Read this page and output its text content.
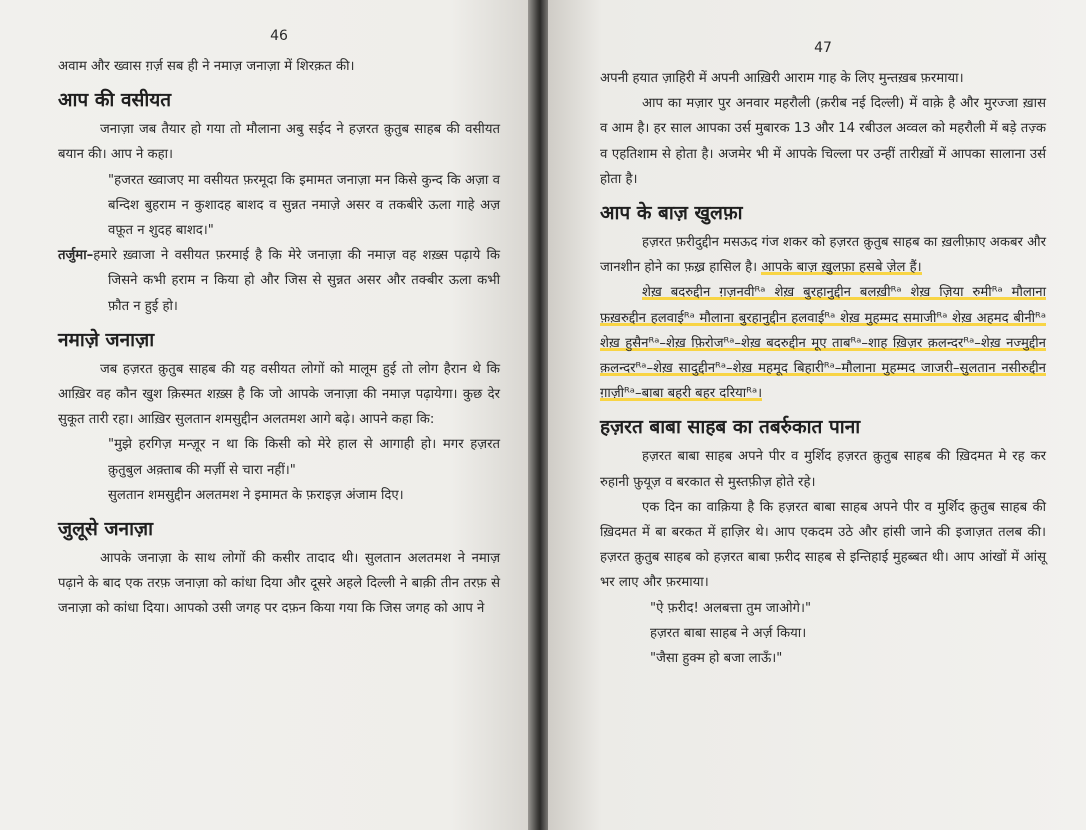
46

अवाम और ख्वास ग़र्ज़ सब ही ने नमाज़ जनाज़ा में शिरक़त की।

आप की वसीयत

जनाज़ा जब तैयार हो गया तो मौलाना अबु सईद ने हज़रत क़ुतुब साहब की वसीयत बयान की। आप ने कहा।

"हजरत ख्वाजए मा वसीयत फ़रमूदा कि इमामत जनाज़ा मन किसे कुन्द कि अज़ा व बन्दिश बुहराम न कुशादह बाशद व सुन्नत नमाज़े असर व तकबीरे ऊला गाहे अज़ वफ़ूत न शुदह बाशद।"

तर्जुमा–हमारे ख़्वाजा ने वसीयत फ़रमाई है कि मेरे जनाज़ा की नमाज़ वह शख़्स पढ़ाये कि जिसने कभी हराम न किया हो और जिस से सुन्नत असर और तक्बीर ऊला कभी फ़ौत न हुई हो।

नमाज़े जनाज़ा

जब हज़रत क़ुतुब साहब की यह वसीयत लोगों को मालूम हुई तो लोग हैरान थे कि आख़िर वह कौन खुश क़िस्मत शख़्स है कि जो आपके जनाज़ा की नमाज़ पढ़ायेगा। कुछ देर सुकूत तारी रहा। आख़िर सुलतान शमसुद्दीन अलतमश आगे बढ़े। आपने कहा कि:

"मुझे हरगिज़ मन्ज़ूर न था कि किसी को मेरे हाल से आगाही हो। मगर हज़रत क़ुतुबुल अक़्ताब की मर्ज़ी से चारा नहीं।"

सुलतान शमसुद्दीन अलतमश ने इमामत के फ़राइज़ अंजाम दिए।

जुलूसे जनाज़ा

आपके जनाज़ा के साथ लोगों की कसीर तादाद थी। सुलतान अलतमश ने नमाज़ पढ़ाने के बाद एक तरफ़ जनाज़ा को कांधा दिया और दूसरे अहले दिल्ली ने बाक़ी तीन तरफ़ से जनाज़ा को कांधा दिया। आपको उसी जगह पर दफ़न किया गया कि जिस जगह को आप ने

47

अपनी हयात ज़ाहिरी में अपनी आख़िरी आराम गाह के लिए मुन्तख़ब फ़रमाया।

आप का मज़ार पुर अनवार महरौली (क़रीब नई दिल्ली) में वाक़े है और मुरज्जा ख़ास व आम है। हर साल आपका उर्स मुबारक 13 और 14 रबीउल अव्वल को महरौली में बड़े तज़्क व एहतिशाम से होता है। अजमेर भी में आपके चिल्ला पर उन्हीं तारीख़ों में आपका सालाना उर्स होता है।

आप के बाज़ खुलफ़ा

हज़रत फ़रीदुद्दीन मसऊद गंज शकर को हज़रत क़ुतुब साहब का ख़लीफ़ाए अकबर और जानशीन होने का फ़ख़्र हासिल है। आपके बाज़ ख़ुलफ़ा हसबे ज़ेल हैं।

शेख़ बदरुद्दीन ग़ज़नवीᴿᵃ शेख़ बुरहानुद्दीन बलख़ीᴿᵃ शेख़ ज़िया रुमीᴿᵃ मौलाना फ़ख़रुद्दीन हलवाईᴿᵃ मौलाना बुरहानुद्दीन हलवाईᴿᵃ शेख़ मुहम्मद समाजीᴿᵃ शेख़ अहमद बीनीᴿᵃ शेख़ हुसैनᴿᵃ–शेख़ फ़िरोजᴿᵃ–शेख़ बदरुद्दीन मूए ताबᴿᵃ–शाह ख़िज़र क़लन्दरᴿᵃ–शेख़ नज्मुद्दीन क़लन्दरᴿᵃ–शेख़ सादुद्दीनᴿᵃ–शेख़ महमूद बिहारीᴿᵃ–मौलाना मुहम्मद जाजरी–सुलतान नसीरुद्दीन ग़ाज़ीᴿᵃ–बाबा बहरी बहर दरियाᴿᵃ।

हज़रत बाबा साहब का तबर्रुकात पाना

हज़रत बाबा साहब अपने पीर व मुर्शिद हज़रत क़ुतुब साहब की ख़िदमत मे रह कर रुहानी फ़ुयूज़ व बरकात से मुस्तफ़ीज़ होते रहे।

एक दिन का वाक़िया है कि हज़रत बाबा साहब अपने पीर व मुर्शिद क़ुतुब साहब की ख़िदमत में बा बरकत में हाज़िर थे। आप एकदम उठे और हांसी जाने की इजाज़त तलब की। हज़रत क़ुतुब साहब को हज़रत बाबा फ़रीद साहब से इन्तिहाई मुहब्बत थी। आप आंखों में आंसू भर लाए और फ़रमाया।

"ऐ फ़रीद! अलबत्ता तुम जाओगे।"

हज़रत बाबा साहब ने अर्ज़ किया।

"जैसा हुक्म हो बजा लाऊँ।"
